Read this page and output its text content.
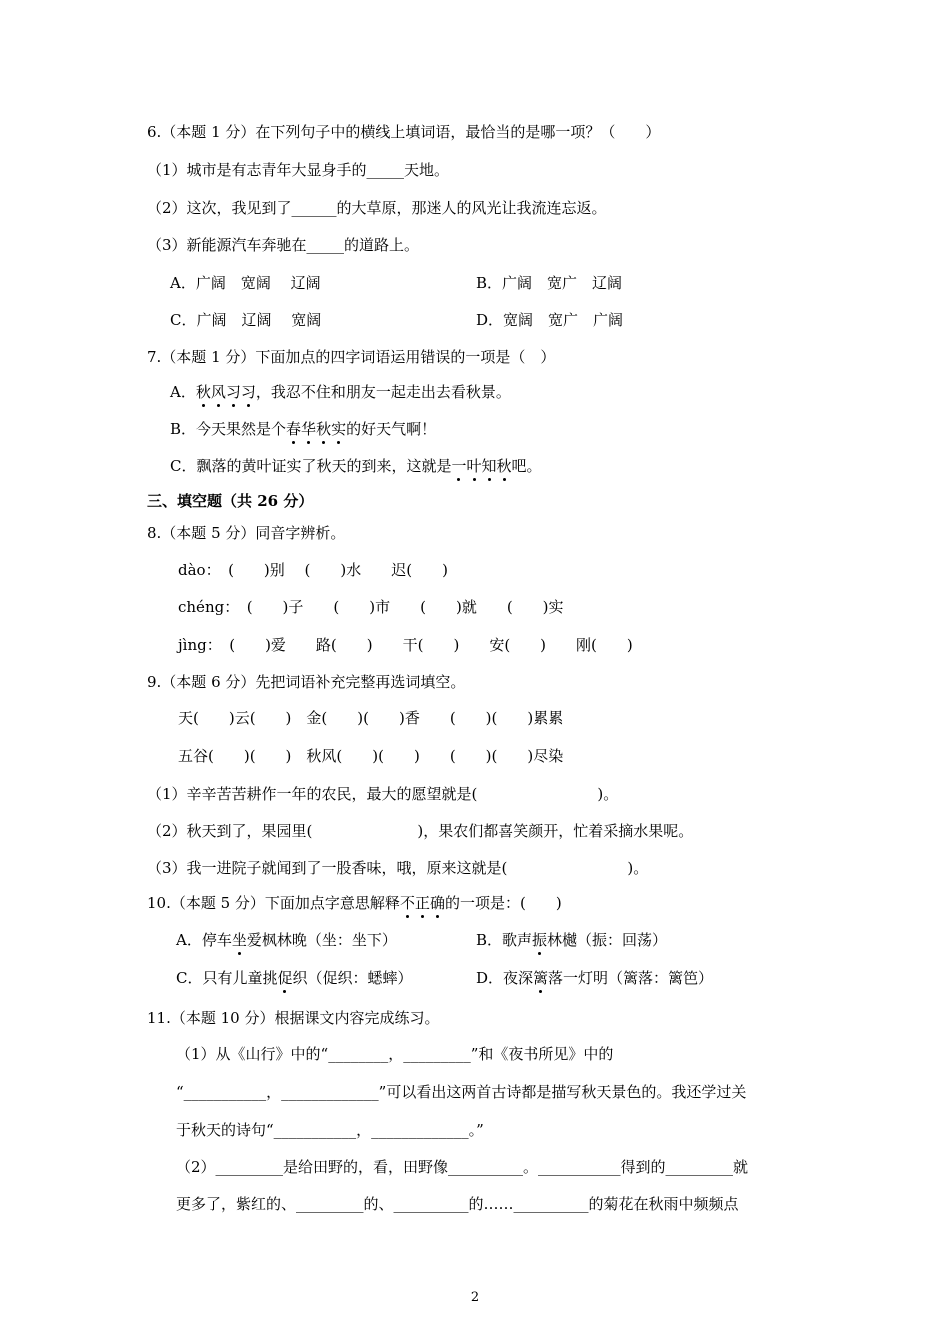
6.（本题 1 分）在下列句子中的横线上填词语，最恰当的是哪一项？（　　）
（1）城市是有志青年大显身手的_____天地。
（2）这次，我见到了______的大草原，那迷人的风光让我流连忘返。
（3）新能源汽车奔驰在_____的道路上。
A．广阔　宽阔　 辽阔	B．广阔　宽广　辽阔
C．广阔　辽阔　 宽阔	D．宽阔　宽广　广阔
7.（本题 1 分）下面加点的四字词语运用错误的一项是（　）
A．秋风习习，我忍不住和朋友一起走出去看秋景。
B．今天果然是个春华秋实的好天气啊！
C．飘落的黄叶证实了秋天的到来，这就是一叶知秋吧。
三、填空题（共 26 分）
8.（本题 5 分）同音字辨析。
dào：　(　　)别　 (　　)水　　迟(　　)
chéng：　(　　)子　　(　　)市　　(　　)就　　(　　)实
jìng：　(　　)爱　　路(　　)　　干(　　)　　安(　　)　　刚(　　)
9.（本题 6 分）先把词语补充完整再选词填空。
天(　　)云(　　)　金(　　)(　　)香　　(　　)(　　)累累
五谷(　　)(　　)　秋风(　　)(　　)　　(　　)(　　)尽染
（1）辛辛苦苦耕作一年的农民，最大的愿望就是(　　　　　　　　)。
（2）秋天到了，果园里(　　　　　　　)，果农们都喜笑颜开，忙着采摘水果呢。
（3）我一进院子就闻到了一股香味，哦，原来这就是(　　　　　　　　)。
10.（本题 5 分）下面加点字意思解释不正确的一项是：(　　)
A．停车坐爱枫林晚（坐：坐下）	B．歌声振林樾（振：回荡）
C．只有儿童挑促织（促织：蟋蟀）	D．夜深篱落一灯明（篱落：篱笆）
11.（本题 10 分）根据课文内容完成练习。
（1）从《山行》中的“________，_________”和《夜书所见》中的
“___________，_____________”可以看出这两首古诗都是描写秋天景色的。我还学过关
于秋天的诗句“___________，_____________。”
（2）_________是给田野的，看，田野像__________。___________得到的_________就
更多了，紫红的、_________的、__________的……__________的菊花在秋雨中频频点
2
